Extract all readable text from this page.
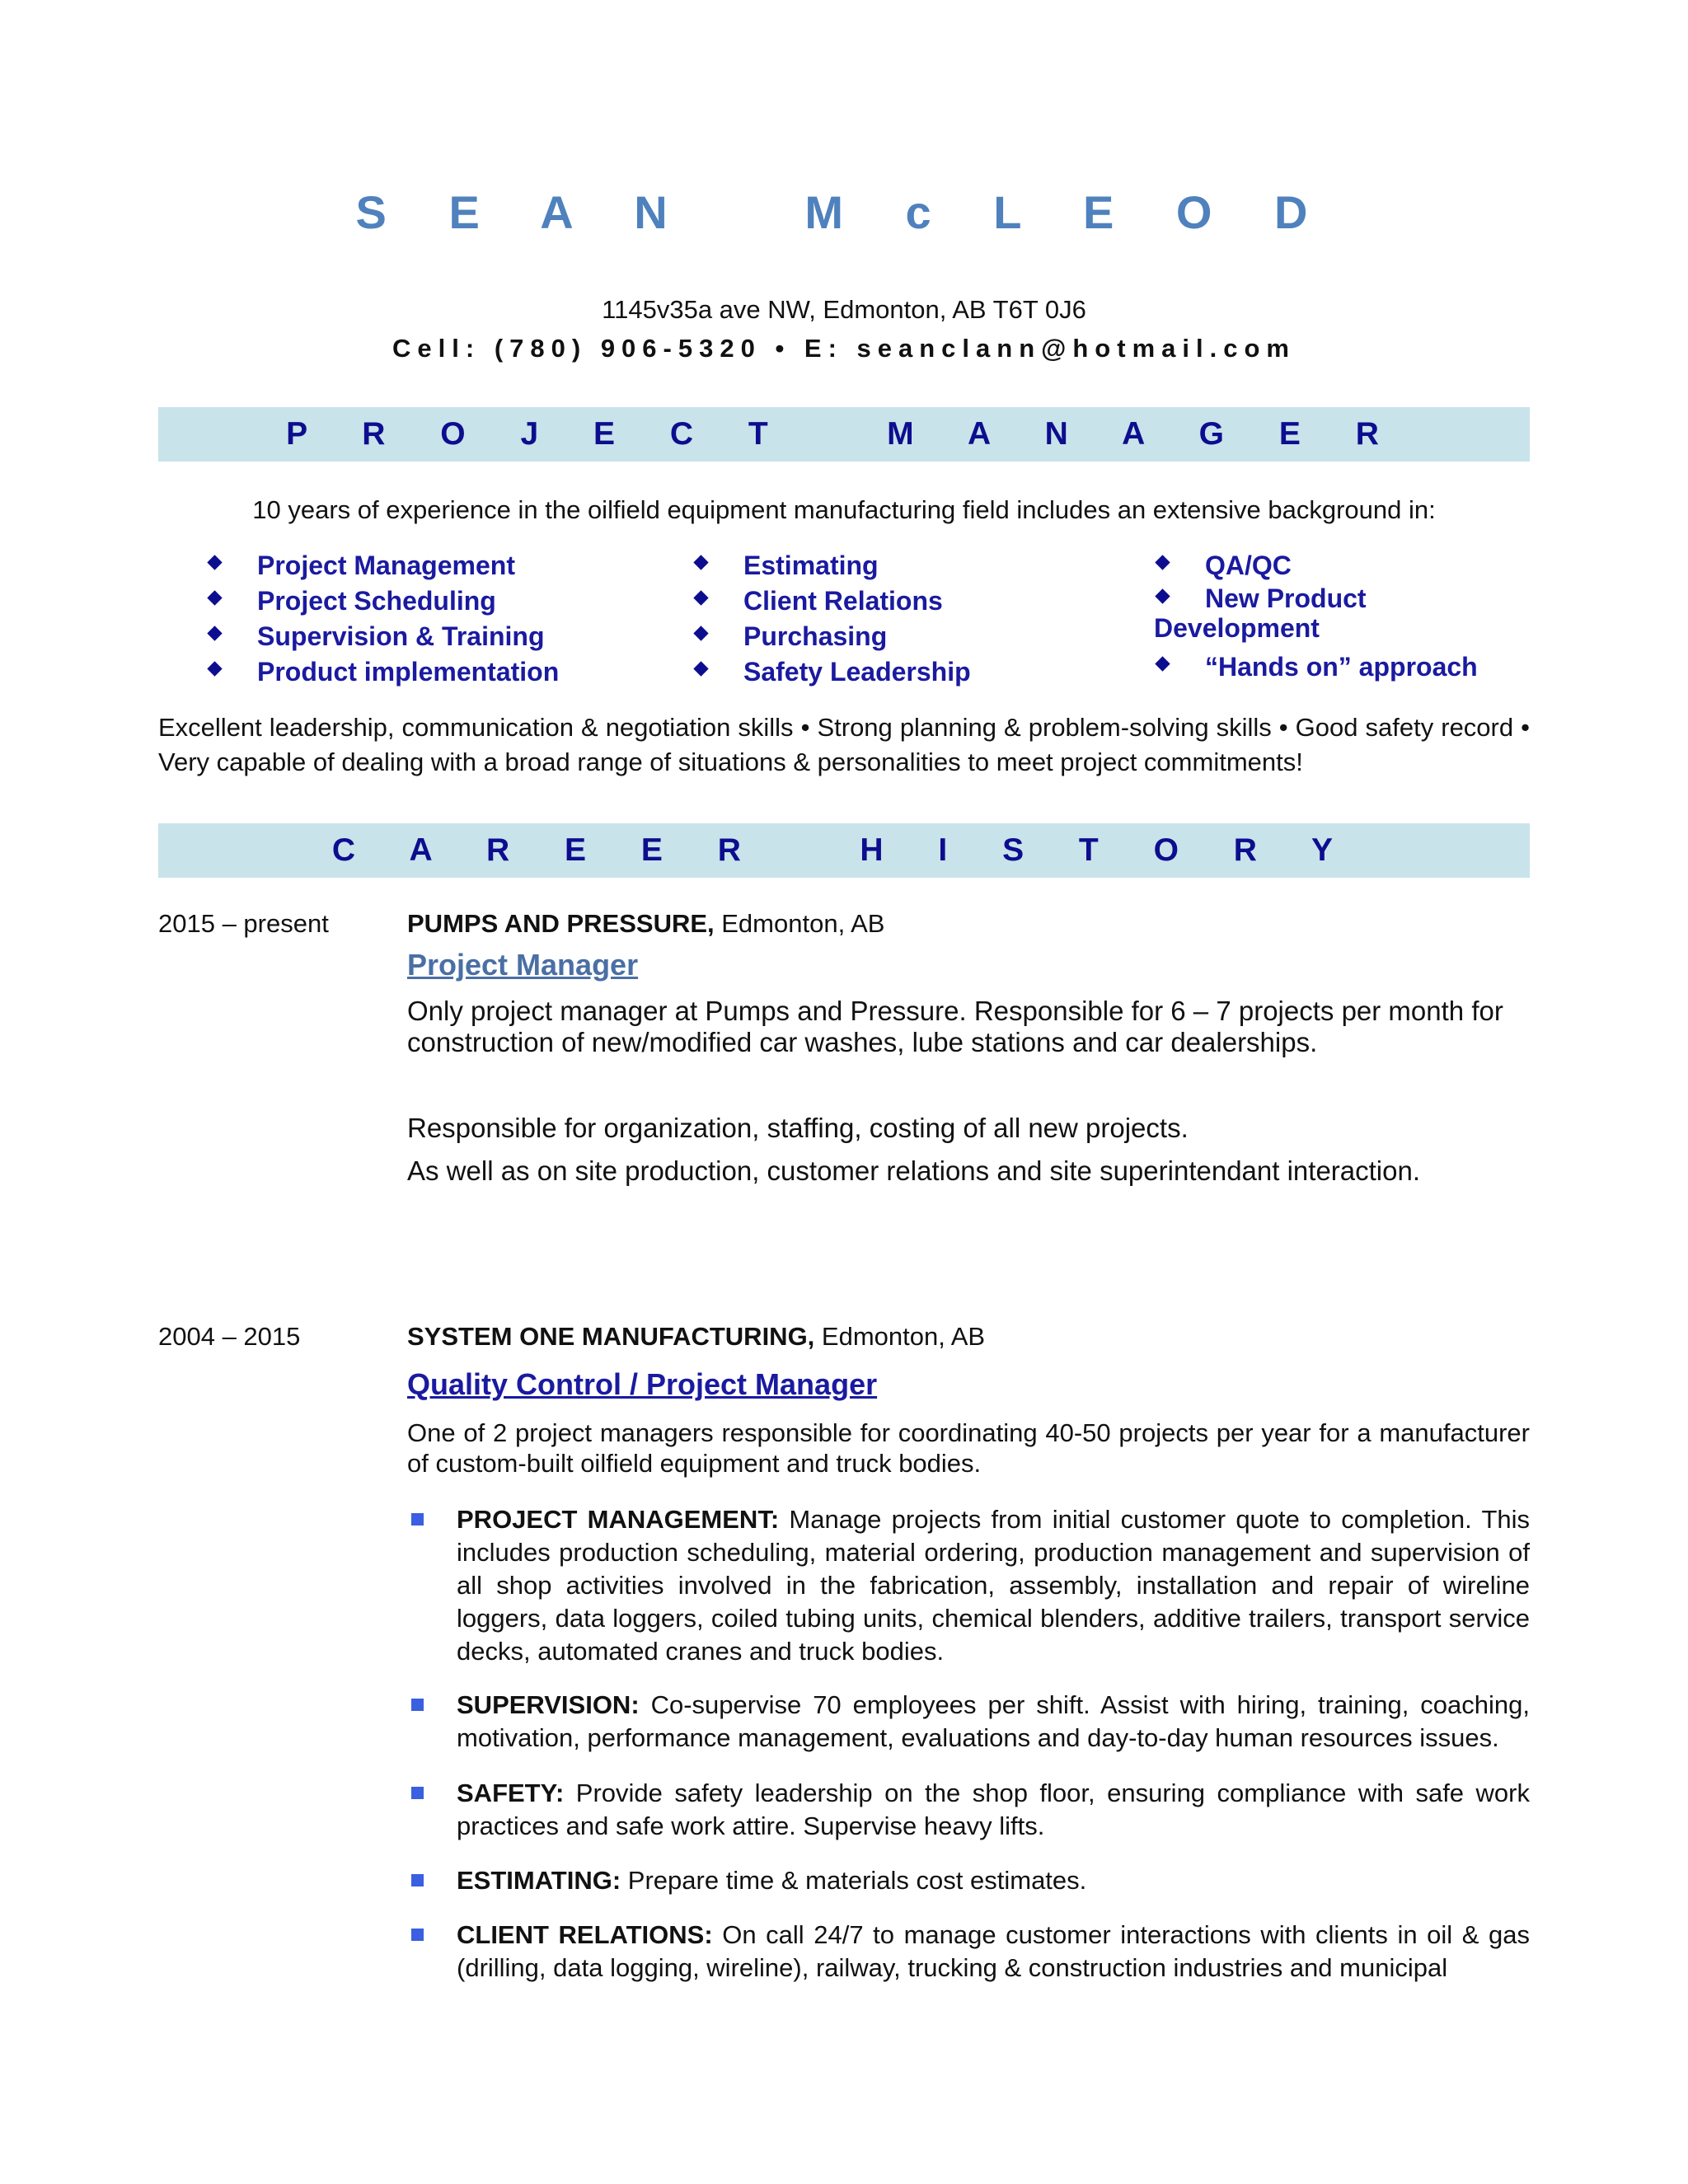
S E A N   M c L E O D
1145v35a ave NW, Edmonton, AB T6T 0J6
Cell: (780) 906-5320 • E: seanclann@hotmail.com
P R O J E C T   M A N A G E R
10 years of experience in the oilfield equipment manufacturing field includes an extensive background in:
Project Management
Project Scheduling
Supervision & Training
Product implementation
Estimating
Client Relations
Purchasing
Safety Leadership
QA/QC
New Product Development
“Hands on” approach
Excellent leadership, communication & negotiation skills • Strong planning & problem-solving skills • Good safety record • Very capable of dealing with a broad range of situations & personalities to meet project commitments!
C A R E E R   H I S T O R Y
2015 – present	PUMPS AND PRESSURE, Edmonton, AB
Project Manager
Only project manager at Pumps and Pressure. Responsible for 6 – 7 projects per month for construction of new/modified car washes, lube stations and car dealerships.
Responsible for organization, staffing, costing of all new projects.
As well as on site production, customer relations and site superintendant interaction.
2004 – 2015	SYSTEM ONE MANUFACTURING, Edmonton, AB
Quality Control / Project Manager
One of 2 project managers responsible for coordinating 40-50 projects per year for a manufacturer of custom-built oilfield equipment and truck bodies.
PROJECT MANAGEMENT: Manage projects from initial customer quote to completion. This includes production scheduling, material ordering, production management and supervision of all shop activities involved in the fabrication, assembly, installation and repair of wireline loggers, data loggers, coiled tubing units, chemical blenders, additive trailers, transport service decks, automated cranes and truck bodies.
SUPERVISION: Co-supervise 70 employees per shift. Assist with hiring, training, coaching, motivation, performance management, evaluations and day-to-day human resources issues.
SAFETY: Provide safety leadership on the shop floor, ensuring compliance with safe work practices and safe work attire. Supervise heavy lifts.
ESTIMATING: Prepare time & materials cost estimates.
CLIENT RELATIONS: On call 24/7 to manage customer interactions with clients in oil & gas (drilling, data logging, wireline), railway, trucking & construction industries and municipal
